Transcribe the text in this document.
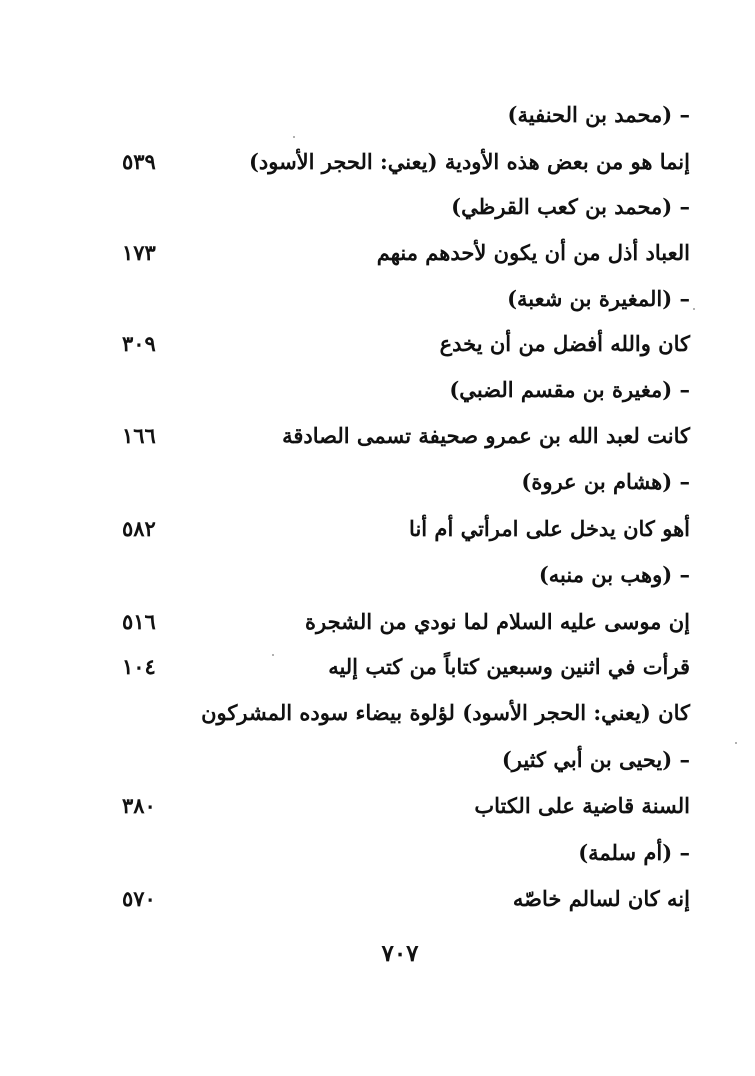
– (محمد بن الحنفية)
إنما هو من بعض هذه الأودية (يعني: الحجر الأسود)
٥٣٩
– (محمد بن كعب القرظي)
العباد أذل من أن يكون لأحدهم منهم
١٧٣
– (المغيرة بن شعبة)
كان والله أفضل من أن يخدع
٣٠٩
– (مغيرة بن مقسم الضبي)
كانت لعبد الله بن عمرو صحيفة تسمى الصادقة
١٦٦
– (هشام بن عروة)
أهو كان يدخل على امرأتي أم أنا
٥٨٢
– (وهب بن منبه)
إن موسى عليه السلام لما نودي من الشجرة
٥١٦
قرأت في اثنين وسبعين كتاباً من كتب إليه
١٠٤
كان (يعني: الحجر الأسود) لؤلوة بيضاء سوده المشركون
– (يحيى بن أبي كثير)
السنة قاضية على الكتاب
٣٨٠
– (أم سلمة)
إنه كان لسالم خاصّه
٥٧٠
٧٠٧
